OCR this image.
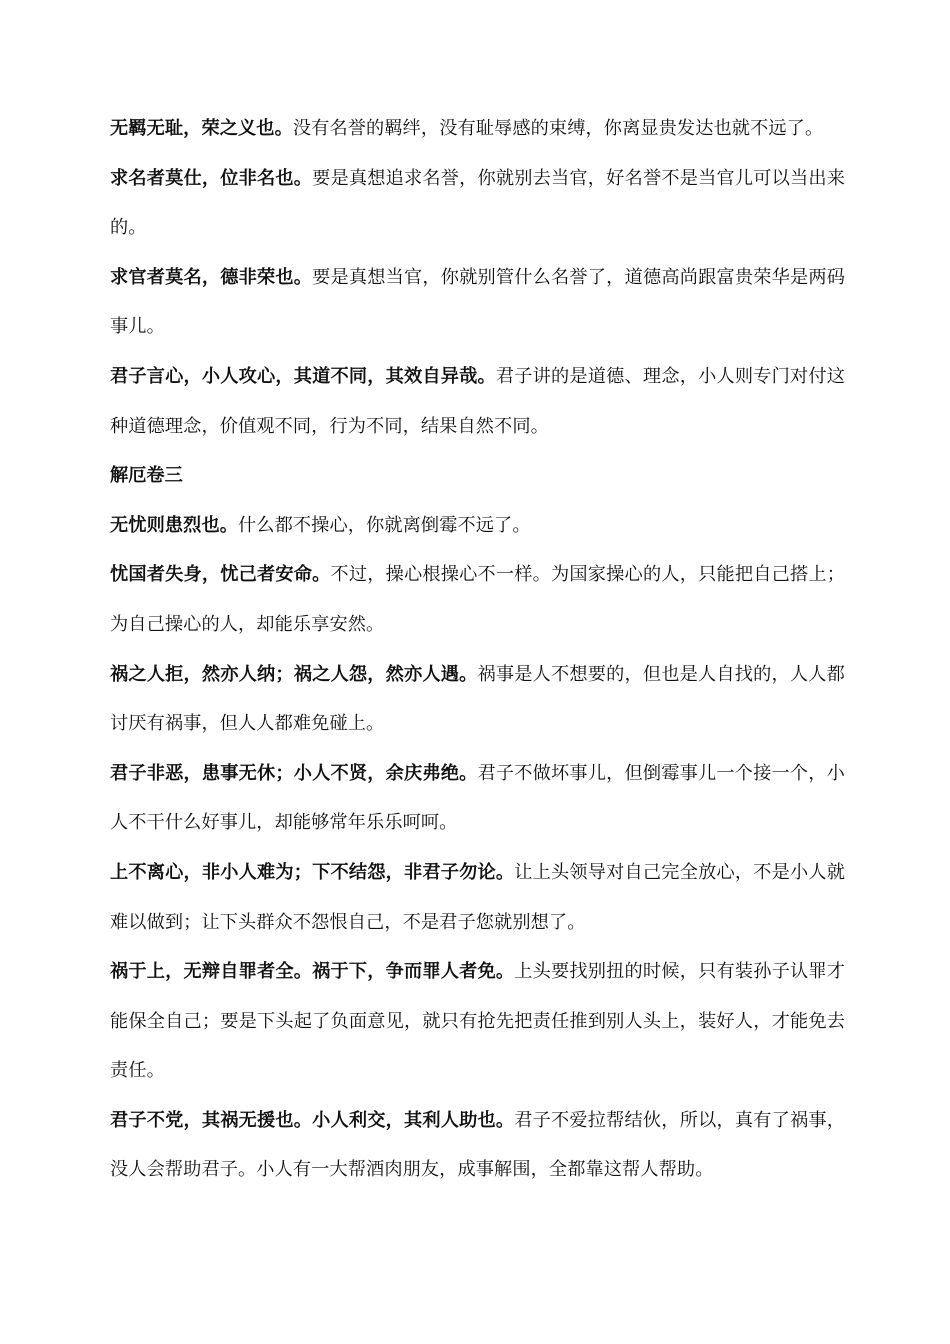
无羁无耻，荣之义也。没有名誉的羁绊，没有耻辱感的束缚，你离显贵发达也就不远了。

求名者莫仕，位非名也。要是真想追求名誉，你就别去当官，好名誉不是当官儿可以当出来的。

求官者莫名，德非荣也。要是真想当官，你就别管什么名誉了，道德高尚跟富贵荣华是两码事儿。

君子言心，小人攻心，其道不同，其效自异哉。君子讲的是道德、理念，小人则专门对付这种道德理念，价值观不同，行为不同，结果自然不同。

解厄卷三

无忧则患烈也。什么都不操心，你就离倒霉不远了。

忧国者失身，忧己者安命。不过，操心根操心不一样。为国家操心的人，只能把自己搭上；为自己操心的人，却能乐享安然。

祸之人拒，然亦人纳；祸之人怨，然亦人遇。祸事是人不想要的，但也是人自找的，人人都讨厌有祸事，但人人都难免碰上。

君子非恶，患事无休；小人不贤，余庆弗绝。君子不做坏事儿，但倒霉事儿一个接一个，小人不干什么好事儿，却能够常年乐乐呵呵。

上不离心，非小人难为；下不结怨，非君子勿论。让上头领导对自己完全放心，不是小人就难以做到；让下头群众不怨恨自己，不是君子您就别想了。

祸于上，无辩自罪者全。祸于下，争而罪人者免。上头要找别扭的时候，只有装孙子认罪才能保全自己；要是下头起了负面意见，就只有抢先把责任推到别人头上，装好人，才能免去责任。

君子不党，其祸无援也。小人利交，其利人助也。君子不爱拉帮结伙，所以，真有了祸事，没人会帮助君子。小人有一大帮酒肉朋友，成事解围，全都靠这帮人帮助。
